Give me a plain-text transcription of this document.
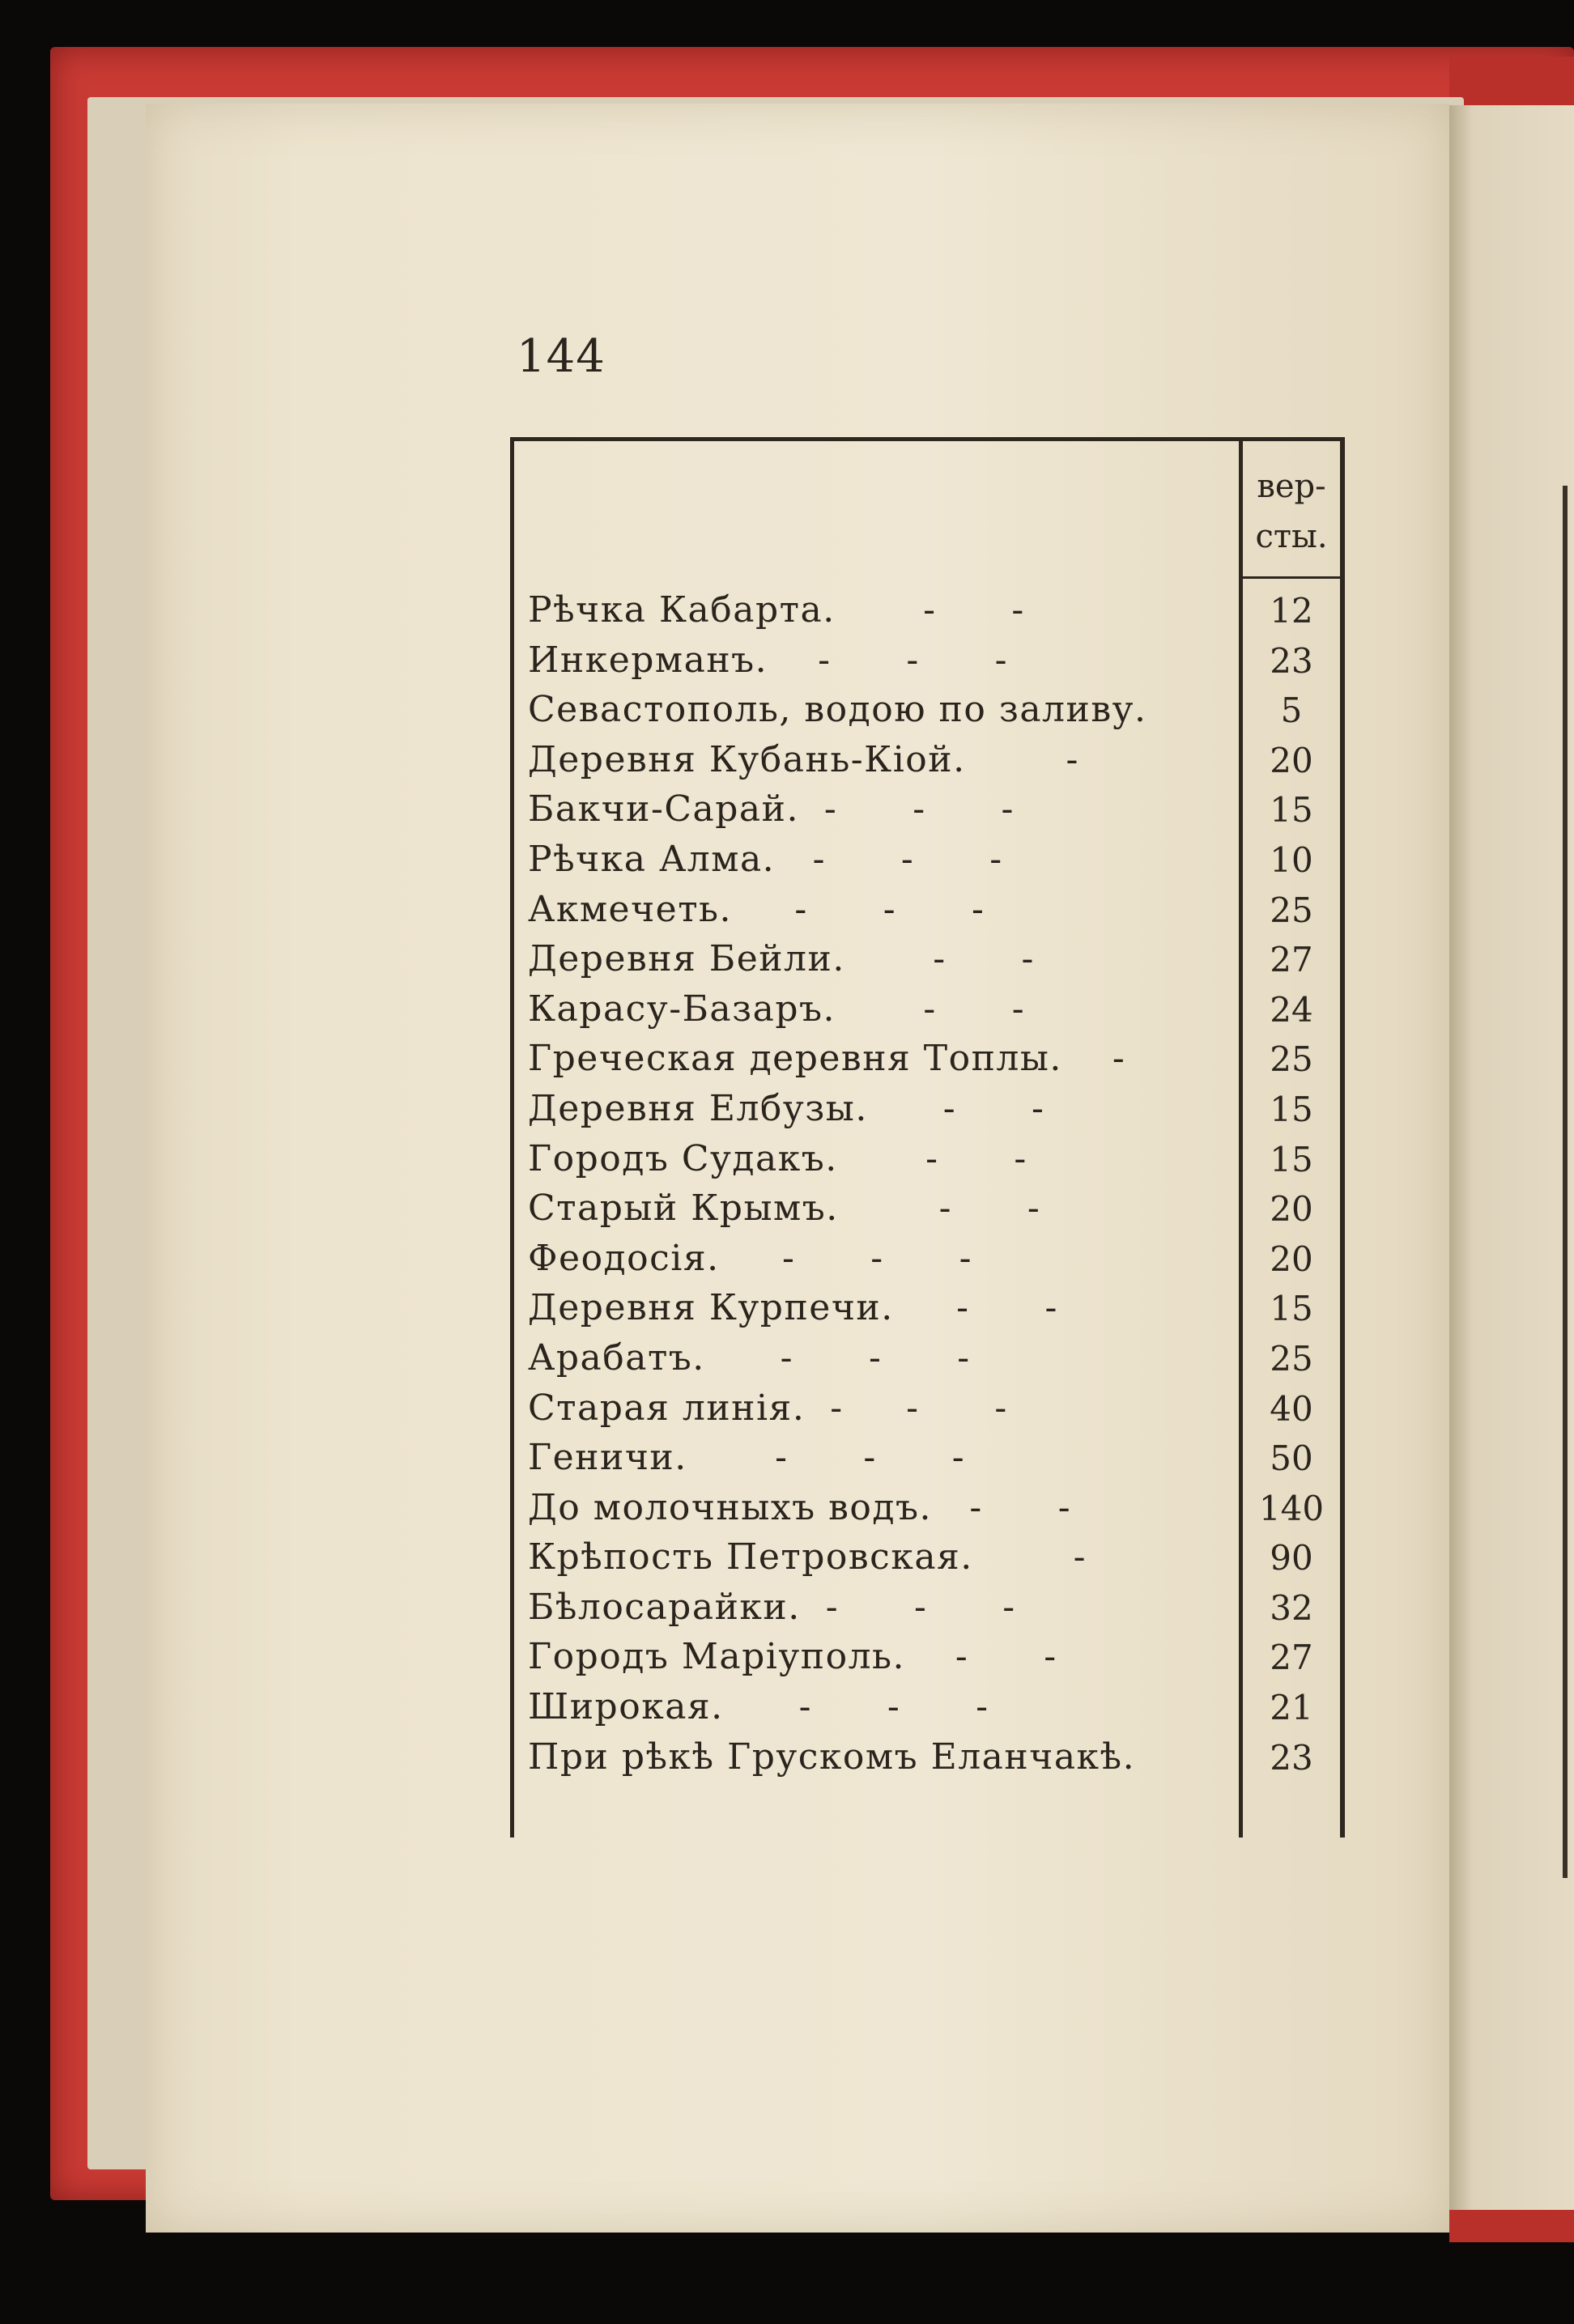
144
вер-
сты.
Рѣчка Кабарта.       -      -	12
Инкерманъ.    -      -      -	23
Севастополь, водою по заливу.	5
Деревня Кубань-Кiой.        -	20
Бакчи-Сарай.  -      -      -	15
Рѣчка Алма.   -      -      -	10
Акмечеть.     -      -      -	25
Деревня Бейли.       -      -	27
Карасу-Базаръ.       -      -	24
Греческая деревня Топлы.    -	25
Деревня Елбузы.      -      -	15
Городъ Судакъ.       -      -	15
Старый Крымъ.        -      -	20
Феодосiя.     -      -      -	20
Деревня Курпечи.     -      -	15
Арабатъ.      -      -      -	25
Старая линiя.  -     -      -	40
Геничи.       -      -      -	50
До молочныхъ водъ.   -      -	140
Крѣпость Петровская.        -	90
Бѣлосарайки.  -      -      -	32
Городъ Марiуполь.    -      -	27
Широкая.      -      -      -	21
При рѣкѣ Грускомъ Еланчакѣ.	23
